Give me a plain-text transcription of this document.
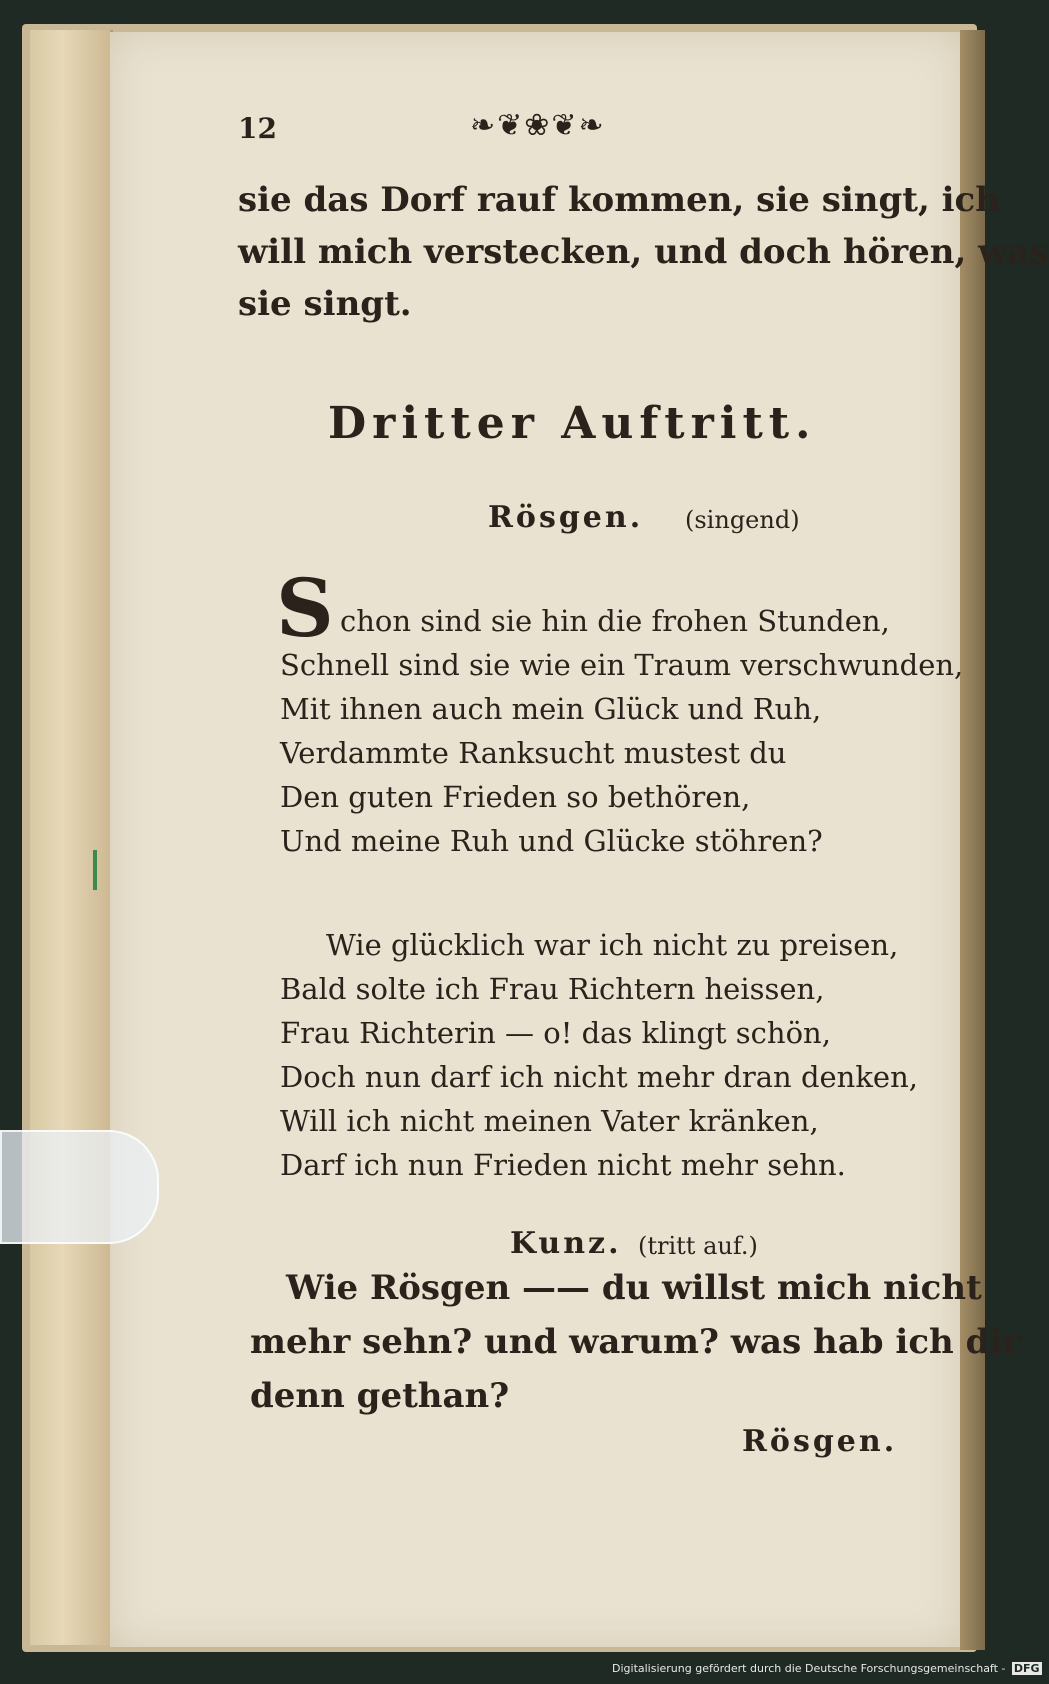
12	❧❦❀❦❧
sie das Dorf rauf kommen, sie singt, ich
will mich verstecken, und doch hören, was
sie singt.
Dritter Auftritt.
Rösgen. (singend)
S chon sind sie hin die frohen Stunden,
Schnell sind sie wie ein Traum verschwunden,
Mit ihnen auch mein Glück und Ruh,
Verdammte Ranksucht mustest du
Den guten Frieden so bethören,
Und meine Ruh und Glücke stöhren?
Wie glücklich war ich nicht zu preisen,
Bald solte ich Frau Richtern heissen,
Frau Richterin — o! das klingt schön,
Doch nun darf ich nicht mehr dran denken,
Will ich nicht meinen Vater kränken,
Darf ich nun Frieden nicht mehr sehn.
Kunz. (tritt auf.)
Wie Rösgen —— du willst mich nicht
mehr sehn? und warum? was hab ich dir
denn gethan?
Rösgen.
Digitalisierung gefördert durch die Deutsche Forschungsgemeinschaft - DFG
